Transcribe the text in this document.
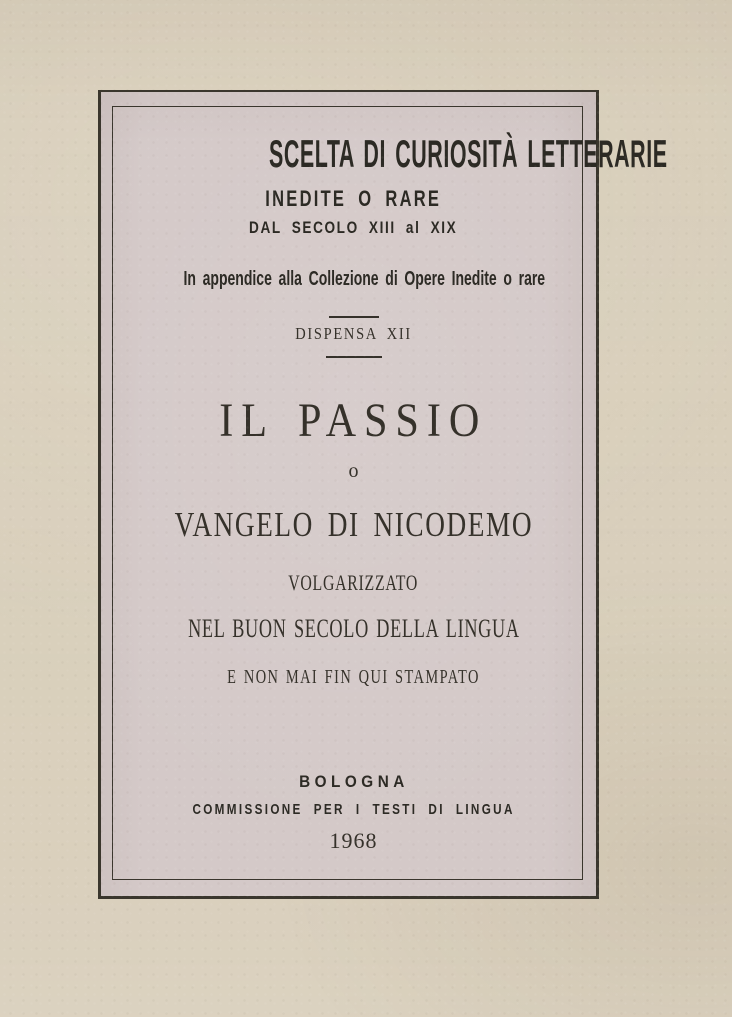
SCELTA DI CURIOSITÀ LETTERARIE
INEDITE O RARE
DAL SECOLO XIII al XIX
In appendice alla Collezione di Opere Inedite o rare
DISPENSA XII
IL PASSIO
o
VANGELO DI NICODEMO
VOLGARIZZATO
NEL BUON SECOLO DELLA LINGUA
E NON MAI FIN QUI STAMPATO
BOLOGNA
COMMISSIONE PER I TESTI DI LINGUA
1968
